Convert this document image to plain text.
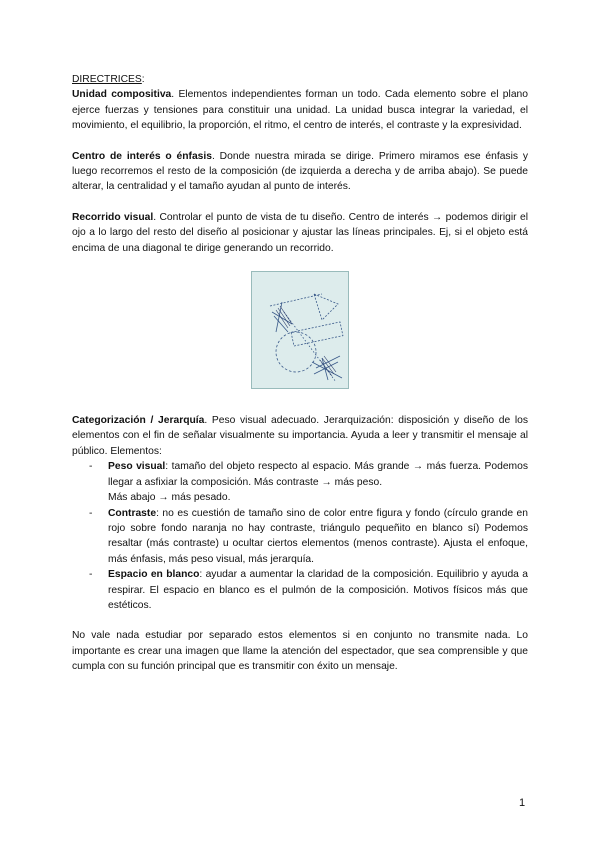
DIRECTRICES:

Unidad compositiva. Elementos independientes forman un todo. Cada elemento sobre el plano ejerce fuerzas y tensiones para constituir una unidad. La unidad busca integrar la variedad, el movimiento, el equilibrio, la proporción, el ritmo, el centro de interés, el contraste y la expresividad.

Centro de interés o énfasis. Donde nuestra mirada se dirige. Primero miramos ese énfasis y luego recorremos el resto de la composición (de izquierda a derecha y de arriba abajo). Se puede alterar, la centralidad y el tamaño ayudan al punto de interés.

Recorrido visual. Controlar el punto de vista de tu diseño. Centro de interés → podemos dirigir el ojo a lo largo del resto del diseño al posicionar y ajustar las líneas principales. Ej, si el objeto está encima de una diagonal te dirige generando un recorrido.

Categorización / Jerarquía. Peso visual adecuado. Jerarquización: disposición y diseño de los elementos con el fin de señalar visualmente su importancia. Ayuda a leer y transmitir el mensaje al público. Elementos:

- Peso visual: tamaño del objeto respecto al espacio. Más grande → más fuerza. Podemos llegar a asfixiar la composición. Más contraste → más peso.
Más abajo → más pesado.
- Contraste: no es cuestión de tamaño sino de color entre figura y fondo (círculo grande en rojo sobre fondo naranja no hay contraste, triángulo pequeñito en blanco sí) Podemos resaltar (más contraste) u ocultar ciertos elementos (menos contraste). Ajusta el enfoque, más énfasis, más peso visual, más jerarquía.
- Espacio en blanco: ayudar a aumentar la claridad de la composición. Equilibrio y ayuda a respirar. El espacio en blanco es el pulmón de la composición. Motivos físicos más que estéticos.

No vale nada estudiar por separado estos elementos si en conjunto no transmite nada. Lo importante es crear una imagen que llame la atención del espectador, que sea comprensible y que cumpla con su función principal que es transmitir con éxito un mensaje.

1
